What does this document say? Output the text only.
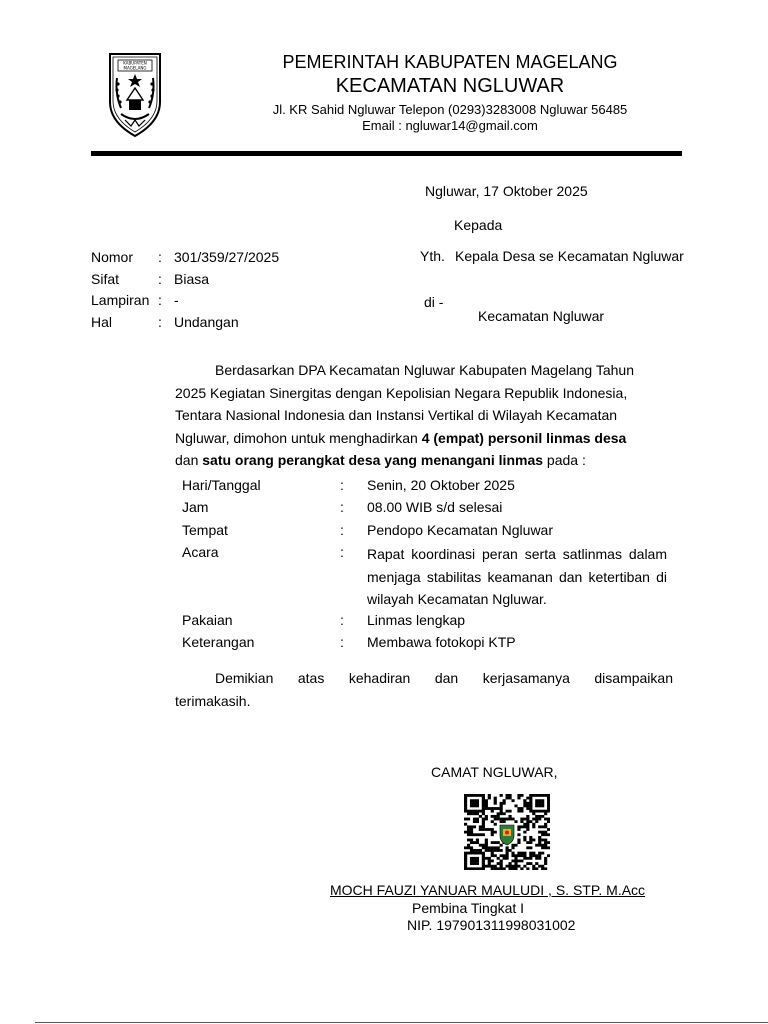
KABUPATEN
MAGELANG	PEMERINTAH KABUPATEN MAGELANG
KECAMATAN NGLUWAR
Jl. KR Sahid Ngluwar Telepon (0293)3283008 Ngluwar 56485
Email : ngluwar14@gmail.com
Ngluwar, 17 Oktober 2025
Kepada
Yth. Kepala Desa se Kecamatan Ngluwar
di -
Kecamatan Ngluwar
Nomor : 301/359/27/2025
Sifat	: Biasa
Lampiran : -
Hal	: Undangan
Berdasarkan DPA Kecamatan Ngluwar Kabupaten Magelang Tahun
2025 Kegiatan Sinergitas dengan Kepolisian Negara Republik Indonesia,
Tentara Nasional Indonesia dan Instansi Vertikal di Wilayah Kecamatan
Ngluwar, dimohon untuk menghadirkan 4 (empat) personil linmas desa
dan satu orang perangkat desa yang menangani linmas pada :
Hari/Tanggal	: Senin, 20 Oktober 2025
Jam	: 08.00 WIB s/d selesai
Tempat	: Pendopo Kecamatan Ngluwar
Acara	: Rapat koordinasi peran serta satlinmas dalam menjaga stabilitas keamanan dan ketertiban di wilayah Kecamatan Ngluwar.
Pakaian	: Linmas lengkap
Keterangan	: Membawa fotokopi KTP
Demikian atas kehadiran dan kerjasamanya disampaikan
terimakasih.
CAMAT NGLUWAR,
MOCH FAUZI YANUAR MAULUDI , S. STP. M.Acc
Pembina Tingkat I
NIP. 197901311998031002
